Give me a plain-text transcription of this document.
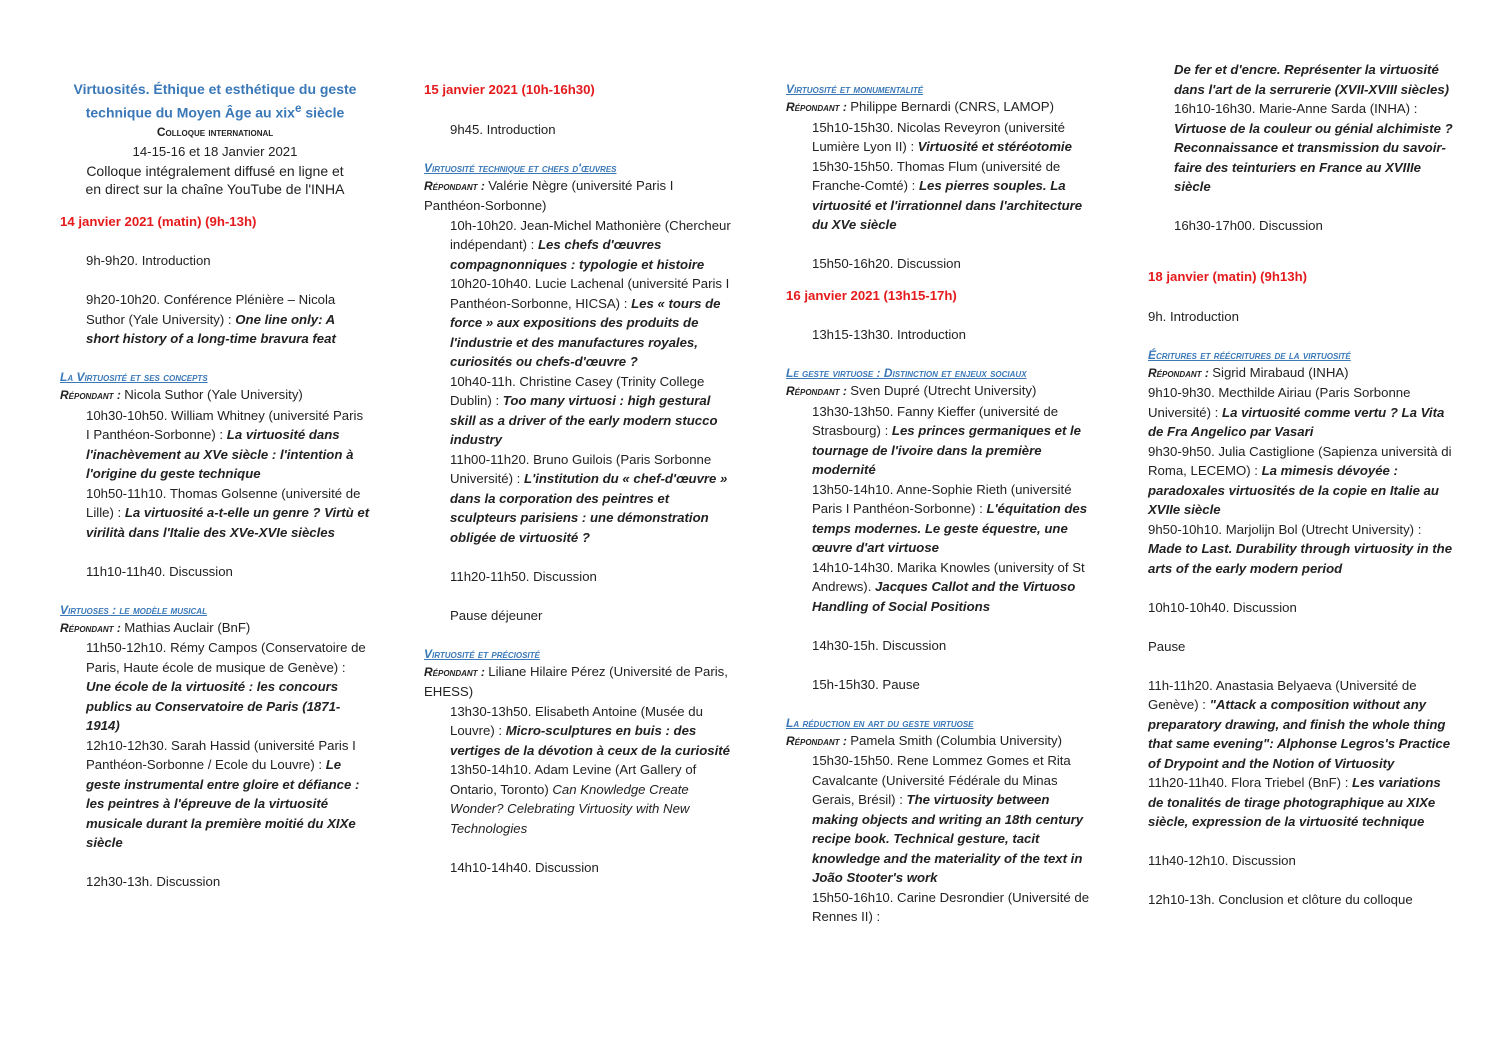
Virtuosités. Éthique et esthétique du geste technique du Moyen Âge au xix$^e$ siècle
Colloque international
14-15-16 et 18 Janvier 2021
Colloque intégralement diffusé en ligne et
en direct sur la chaîne YouTube de l'INHA
14 janvier 2021 (matin) (9h-13h)
9h-9h20. Introduction
9h20-10h20. Conférence Plénière – Nicola Suthor (Yale University) : One line only: A short history of a long-time bravura feat
La Virtuosité et ses concepts
Répondant : Nicola Suthor (Yale University)
10h30-10h50. William Whitney (université Paris I Panthéon-Sorbonne) : La virtuosité dans l'inachèvement au XVe siècle : l'intention à l'origine du geste technique
10h50-11h10. Thomas Golsenne (université de Lille) : La virtuosité a-t-elle un genre ? Virtù et virilità dans l'Italie des XVe-XVIe siècles
11h10-11h40. Discussion
Virtuoses : le modèle musical
Répondant : Mathias Auclair (BnF)
11h50-12h10. Rémy Campos (Conservatoire de Paris, Haute école de musique de Genève) : Une école de la virtuosité : les concours publics au Conservatoire de Paris (1871-1914)
12h10-12h30. Sarah Hassid (université Paris I Panthéon-Sorbonne / Ecole du Louvre) : Le geste instrumental entre gloire et défiance : les peintres à l'épreuve de la virtuosité musicale durant la première moitié du XIXe siècle
12h30-13h. Discussion
15 janvier 2021 (10h-16h30)
9h45. Introduction
Virtuosité technique et chefs d'œuvres
Répondant : Valérie Nègre (université Paris I Panthéon-Sorbonne)
10h-10h20. Jean-Michel Mathonière (Chercheur indépendant) : Les chefs d'œuvres compagnonniques : typologie et histoire
10h20-10h40. Lucie Lachenal (université Paris I Panthéon-Sorbonne, HICSA) : Les « tours de force » aux expositions des produits de l'industrie et des manufactures royales, curiosités ou chefs-d'œuvre ?
10h40-11h. Christine Casey (Trinity College Dublin) : Too many virtuosi : high gestural skill as a driver of the early modern stucco industry
11h00-11h20. Bruno Guilois (Paris Sorbonne Université) : L'institution du « chef-d'œuvre » dans la corporation des peintres et sculpteurs parisiens : une démonstration obligée de virtuosité ?
11h20-11h50. Discussion
Pause déjeuner
Virtuosité et préciosité
Répondant : Liliane Hilaire Pérez (Université de Paris, EHESS)
13h30-13h50. Elisabeth Antoine (Musée du Louvre) : Micro-sculptures en buis : des vertiges de la dévotion à ceux de la curiosité
13h50-14h10. Adam Levine (Art Gallery of Ontario, Toronto) Can Knowledge Create Wonder? Celebrating Virtuosity with New Technologies
14h10-14h40. Discussion
Virtuosité et monumentalité
Répondant : Philippe Bernardi (CNRS, LAMOP)
15h10-15h30. Nicolas Reveyron (université Lumière Lyon II) : Virtuosité et stéréotomie
15h30-15h50. Thomas Flum (université de Franche-Comté) : Les pierres souples. La virtuosité et l'irrationnel dans l'architecture du XVe siècle
15h50-16h20. Discussion
16 janvier 2021 (13h15-17h)
13h15-13h30. Introduction
Le geste virtuose : Distinction et enjeux sociaux
Répondant : Sven Dupré (Utrecht University)
13h30-13h50. Fanny Kieffer (université de Strasbourg) : Les princes germaniques et le tournage de l'ivoire dans la première modernité
13h50-14h10. Anne-Sophie Rieth (université Paris I Panthéon-Sorbonne) : L'équitation des temps modernes. Le geste équestre, une œuvre d'art virtuose
14h10-14h30. Marika Knowles (university of St Andrews). Jacques Callot and the Virtuoso Handling of Social Positions
14h30-15h. Discussion
15h-15h30. Pause
La réduction en art du geste virtuose
Répondant : Pamela Smith (Columbia University)
15h30-15h50. Rene Lommez Gomes et Rita Cavalcante (Université Fédérale du Minas Gerais, Brésil) : The virtuosity between making objects and writing an 18th century recipe book. Technical gesture, tacit knowledge and the materiality of the text in João Stooter's work
15h50-16h10. Carine Desrondier (Université de Rennes II) :
De fer et d'encre. Représenter la virtuosité dans l'art de la serrurerie (XVII-XVIII siècles)
16h10-16h30. Marie-Anne Sarda (INHA) : Virtuose de la couleur ou génial alchimiste ? Reconnaissance et transmission du savoir-faire des teinturiers en France au XVIIIe siècle
16h30-17h00. Discussion
18 janvier (matin) (9h13h)
9h. Introduction
Écritures et réécritures de la virtuosité
Répondant : Sigrid Mirabaud (INHA)
9h10-9h30. Mecthilde Airiau (Paris Sorbonne Université) : La virtuosité comme vertu ? La Vita de Fra Angelico par Vasari
9h30-9h50. Julia Castiglione (Sapienza università di Roma, LECEMO) : La mimesis dévoyée : paradoxales virtuosités de la copie en Italie au XVIIe siècle
9h50-10h10. Marjolijn Bol (Utrecht University) : Made to Last. Durability through virtuosity in the arts of the early modern period
10h10-10h40. Discussion
Pause
11h-11h20. Anastasia Belyaeva (Université de Genève) : "Attack a composition without any preparatory drawing, and finish the whole thing that same evening": Alphonse Legros's Practice of Drypoint and the Notion of Virtuosity
11h20-11h40. Flora Triebel (BnF) : Les variations de tonalités de tirage photographique au XIXe siècle, expression de la virtuosité technique
11h40-12h10. Discussion
12h10-13h. Conclusion et clôture du colloque
